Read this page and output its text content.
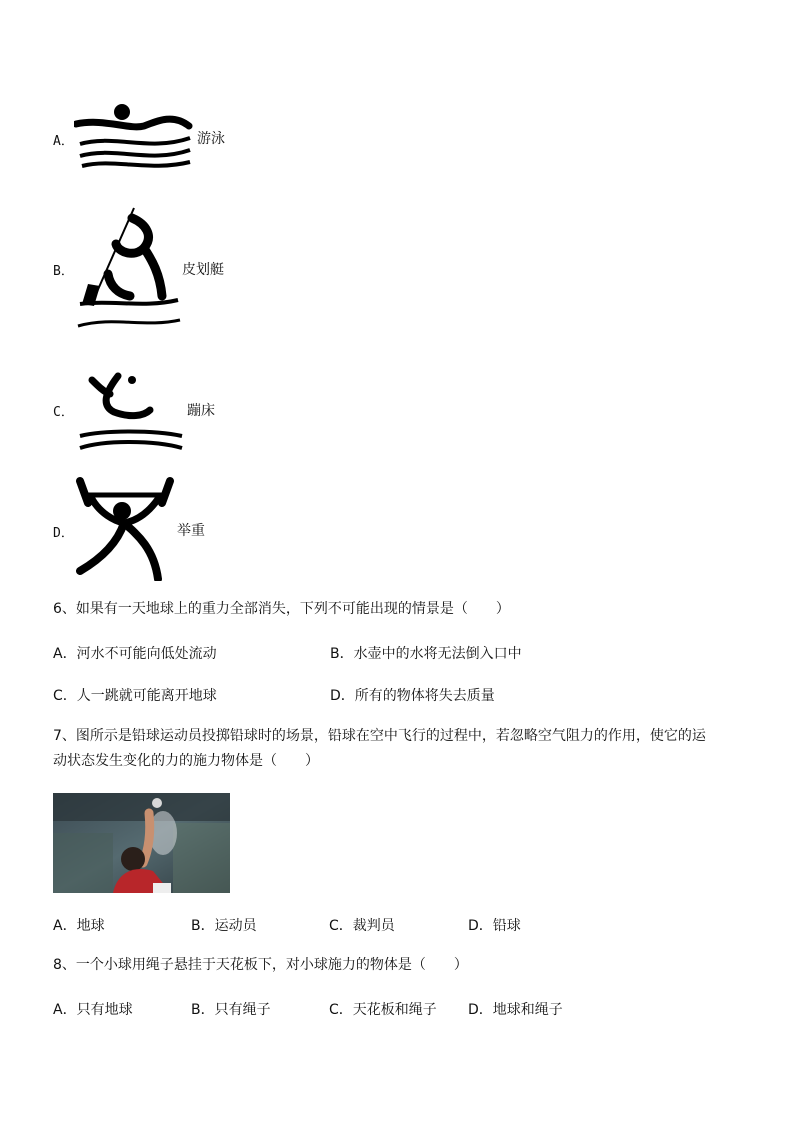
A．	游泳
B．	皮划艇
C．	蹦床
D．	举重
6、如果有一天地球上的重力全部消失，下列不可能出现的情景是（　　）
A．河水不可能向低处流动	B．水壶中的水将无法倒入口中
C．人一跳就可能离开地球	D．所有的物体将失去质量
7、图所示是铅球运动员投掷铅球时的场景，铅球在空中飞行的过程中，若忽略空气阻力的作用，使它的运
动状态发生变化的力的施力物体是（　　）
A．地球	B．运动员	C．裁判员	D．铅球
8、一个小球用绳子悬挂于天花板下，对小球施力的物体是（　　）
A．只有地球	B．只有绳子	C．天花板和绳子 D．地球和绳子
